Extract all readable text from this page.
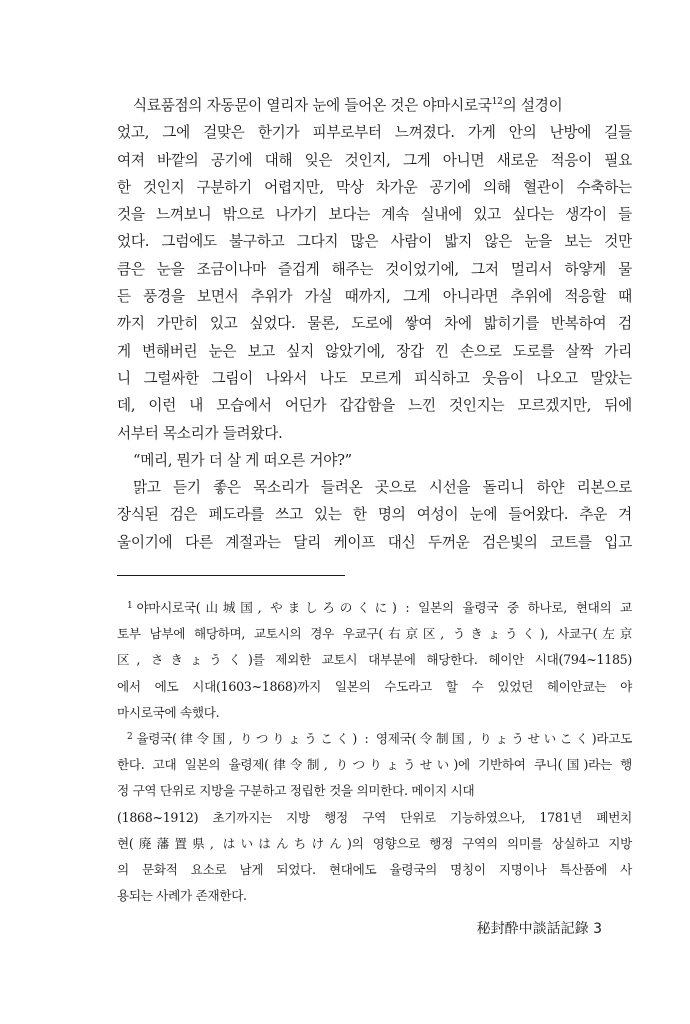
식료품점의 자동문이 열리자 눈에 들어온 것은 야마시로국$^{12}$의 설경이
었고, 그에 걸맞은 한기가 피부로부터 느껴졌다. 가게 안의 난방에 길들
여져 바깥의 공기에 대해 잊은 것인지, 그게 아니면 새로운 적응이 필요
한 것인지 구분하기 어렵지만, 막상 차가운 공기에 의해 혈관이 수축하는
것을 느껴보니 밖으로 나가기 보다는 계속 실내에 있고 싶다는 생각이 들
었다. 그럼에도 불구하고 그다지 많은 사람이 밟지 않은 눈을 보는 것만
큼은 눈을 조금이나마 즐겁게 해주는 것이었기에, 그저 멀리서 하얗게 물
든 풍경을 보면서 추위가 가실 때까지, 그게 아니라면 추위에 적응할 때
까지 가만히 있고 싶었다. 물론, 도로에 쌓여 차에 밟히기를 반복하여 검
게 변해버린 눈은 보고 싶지 않았기에, 장갑 낀 손으로 도로를 살짝 가리
니 그럴싸한 그림이 나와서 나도 모르게 피식하고 웃음이 나오고 말았는
데, 이런 내 모습에서 어딘가 갑갑함을 느낀 것인지는 모르겠지만, 뒤에
서부터 목소리가 들려왔다.
“메리, 뭔가 더 살 게 떠오른 거야?”
맑고 듣기 좋은 목소리가 들려온 곳으로 시선을 돌리니 하얀 리본으로
장식된 검은 페도라를 쓰고 있는 한 명의 여성이 눈에 들어왔다. 추운 겨
울이기에 다른 계절과는 달리 케이프 대신 두꺼운 검은빛의 코트를 입고
$^1$ 야마시로국(山城国, やましろのくに) : 일본의 율령국 중 하나로, 현대의 교
토부 남부에 해당하며, 교토시의 경우 우쿄구(右京区, うきょうく), 사쿄구(左京
区, さきょうく)를 제외한 교토시 대부분에 해당한다. 헤이안 시대(794~1185)
에서 에도 시대(1603~1868)까지 일본의 수도라고 할 수 있었던 헤이안쿄는 야
마시로국에 속했다.
$^2$ 율령국(律令国, りつりょうこく) : 영제국(令制国, りょうせいこく)라고도
한다. 고대 일본의 율령제(律令制, りつりょうせい)에 기반하여 쿠니(国)라는 행
정 구역 단위로 지방을 구분하고 정립한 것을 의미한다. 메이지 시대
(1868~1912) 초기까지는 지방 행정 구역 단위로 기능하였으나, 1781년 폐번치
현(廃藩置県, はいはんちけん)의 영향으로 행정 구역의 의미를 상실하고 지방
의 문화적 요소로 남게 되었다. 현대에도 율령국의 명칭이 지명이나 특산품에 사
용되는 사례가 존재한다.
秘封酔中談話記錄 3
